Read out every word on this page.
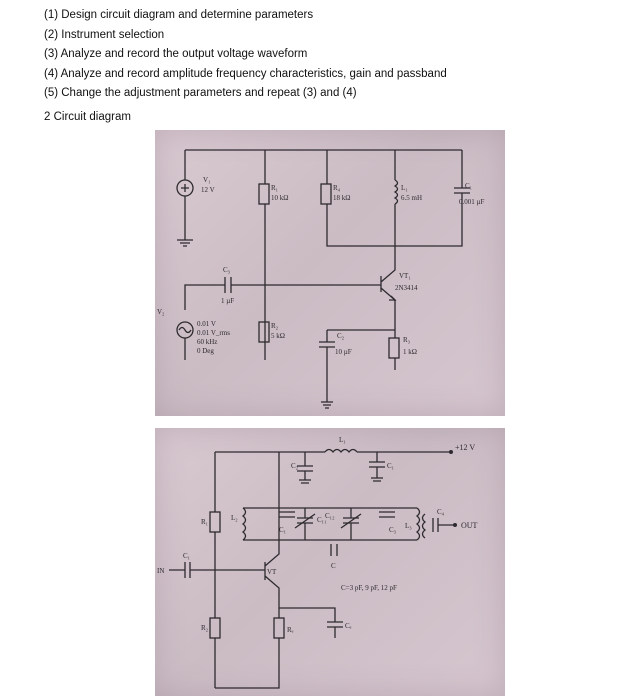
(1) Design circuit diagram and determine parameters
(2) Instrument selection
(3) Analyze and record the output voltage waveform
(4) Analyze and record amplitude frequency characteristics, gain and passband
(5) Change the adjustment parameters and repeat (3) and (4)
2 Circuit diagram
V₁
12 V	R₁
10 kΩ
R₄
18 kΩ
L₁
6.5 mH
C₁
0.001 µF
VT₁
2N3414
C₃
1 µF
V₂
0.01 V
0.01 V_rms
60 kHz
0 Deg
R₂
5 kΩ	C₂
10 µF
R₃
1 kΩ
+12 V
L₁
C₂	C₁
R₁
R₂
IN
C₁
VT
Rₑ	Cₑ
L₂
C₁
C₁₁
C
C₁₂
C₃ L₃
C₄
OUT
C=3 pF, 9 pF, 12 pF
